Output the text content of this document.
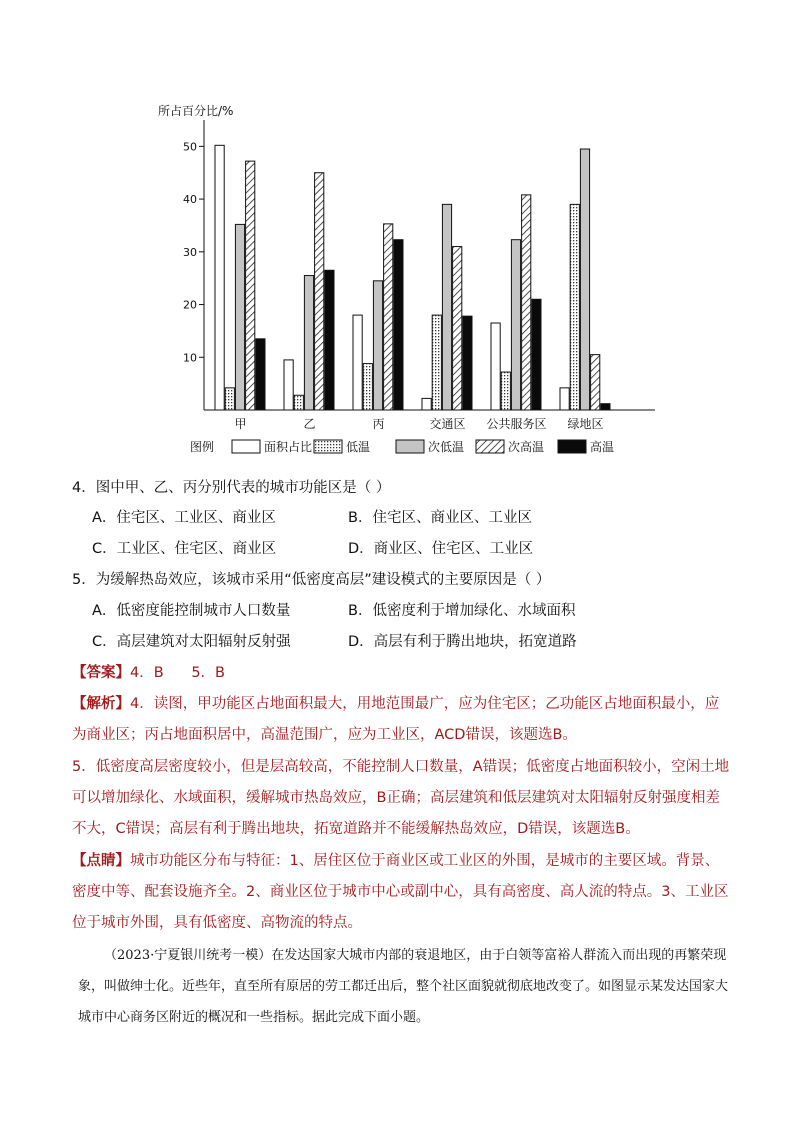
所占百分比/%
10
20
30
40
50
甲	乙	丙	交通区 公共服务区 绿地区
图例	面积占比	低温	次低温	次高温	高温
4．图中甲、乙、丙分别代表的城市功能区是（ ）
A．住宅区、工业区、商业区	B．住宅区、商业区、工业区
C．工业区、住宅区、商业区	D．商业区、住宅区、工业区
5．为缓解热岛效应，该城市采用“低密度高层”建设模式的主要原因是（ ）
A．低密度能控制城市人口数量	B．低密度利于增加绿化、水域面积
C．高层建筑对太阳辐射反射强	D．高层有利于腾出地块，拓宽道路
【答案】4．B      5．B
【解析】4．读图，甲功能区占地面积最大，用地范围最广，应为住宅区；乙功能区占地面积最小，应为商业区；丙占地面积居中，高温范围广，应为工业区，ACD错误，该题选B。
5．低密度高层密度较小，但是层高较高，不能控制人口数量，A错误；低密度占地面积较小，空闲土地可以增加绿化、水域面积，缓解城市热岛效应，B正确；高层建筑和低层建筑对太阳辐射反射强度相差不大，C错误；高层有利于腾出地块，拓宽道路并不能缓解热岛效应，D错误，该题选B。
【点睛】城市功能区分布与特征：1、居住区位于商业区或工业区的外围，是城市的主要区域。背景、密度中等、配套设施齐全。2、商业区位于城市中心或副中心，具有高密度、高人流的特点。3、工业区位于城市外围，具有低密度、高物流的特点。
（2023·宁夏银川统考一模）在发达国家大城市内部的衰退地区，由于白领等富裕人群流入而出现的再繁荣现象，叫做绅士化。近些年，直至所有原居的劳工都迁出后，整个社区面貌就彻底地改变了。如图显示某发达国家大城市中心商务区附近的概况和一些指标。据此完成下面小题。
